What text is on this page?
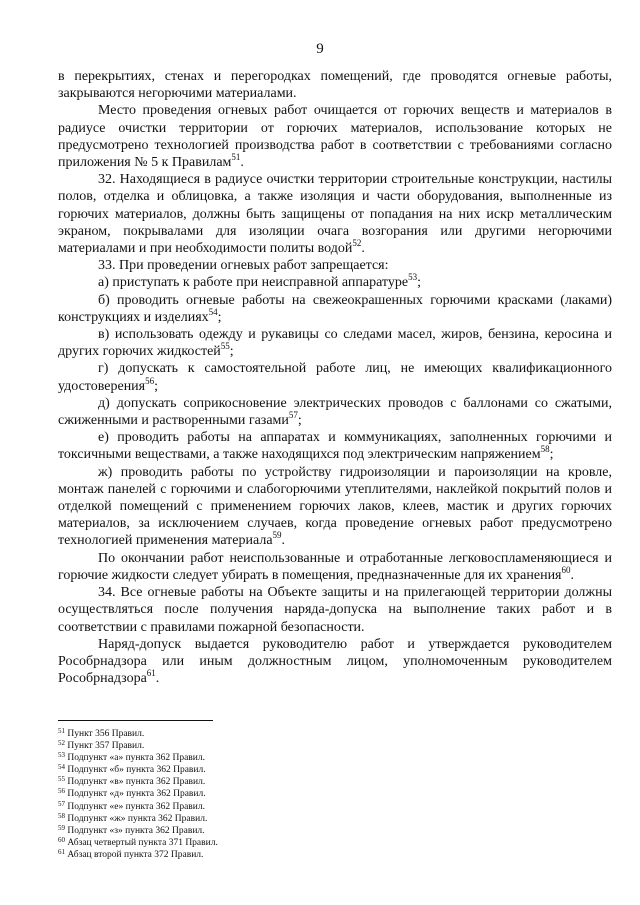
9

в перекрытиях, стенах и перегородках помещений, где проводятся огневые работы, закрываются негорючими материалами.

Место проведения огневых работ очищается от горючих веществ и материалов в радиусе очистки территории от горючих материалов, использование которых не предусмотрено технологией производства работ в соответствии с требованиями согласно приложения № 5 к Правилам$^{51}$.

32. Находящиеся в радиусе очистки территории строительные конструкции, настилы полов, отделка и облицовка, а также изоляция и части оборудования, выполненные из горючих материалов, должны быть защищены от попадания на них искр металлическим экраном, покрывалами для изоляции очага возгорания или другими негорючими материалами и при необходимости политы водой$^{52}$.

33. При проведении огневых работ запрещается:

а) приступать к работе при неисправной аппаратуре$^{53}$;

б) проводить огневые работы на свежеокрашенных горючими красками (лаками) конструкциях и изделиях$^{54}$;

в) использовать одежду и рукавицы со следами масел, жиров, бензина, керосина и других горючих жидкостей$^{55}$;

г) допускать к самостоятельной работе лиц, не имеющих квалификационного удостоверения$^{56}$;

д) допускать соприкосновение электрических проводов с баллонами со сжатыми, сжиженными и растворенными газами$^{57}$;

е) проводить работы на аппаратах и коммуникациях, заполненных горючими и токсичными веществами, а также находящихся под электрическим напряжением$^{58}$;

ж) проводить работы по устройству гидроизоляции и пароизоляции на кровле, монтаж панелей с горючими и слабогорючими утеплителями, наклейкой покрытий полов и отделкой помещений с применением горючих лаков, клеев, мастик и других горючих материалов, за исключением случаев, когда проведение огневых работ предусмотрено технологией применения материала$^{59}$.

По окончании работ неиспользованные и отработанные легковоспламеняющиеся и горючие жидкости следует убирать в помещения, предназначенные для их хранения$^{60}$.

34. Все огневые работы на Объекте защиты и на прилегающей территории должны осуществляться после получения наряда-допуска на выполнение таких работ и в соответствии с правилами пожарной безопасности.

Наряд-допуск выдается руководителю работ и утверждается руководителем Рособрнадзора или иным должностным лицом, уполномоченным руководителем Рособрнадзора$^{61}$.

$^{51}$ Пункт 356 Правил.
$^{52}$ Пункт 357 Правил.
$^{53}$ Подпункт «а» пункта 362 Правил.
$^{54}$ Подпункт «б» пункта 362 Правил.
$^{55}$ Подпункт «в» пункта 362 Правил.
$^{56}$ Подпункт «д» пункта 362 Правил.
$^{57}$ Подпункт «е» пункта 362 Правил.
$^{58}$ Подпункт «ж» пункта 362 Правил.
$^{59}$ Подпункт «з» пункта 362 Правил.
$^{60}$ Абзац четвертый пункта 371 Правил.
$^{61}$ Абзац второй пункта 372 Правил.
